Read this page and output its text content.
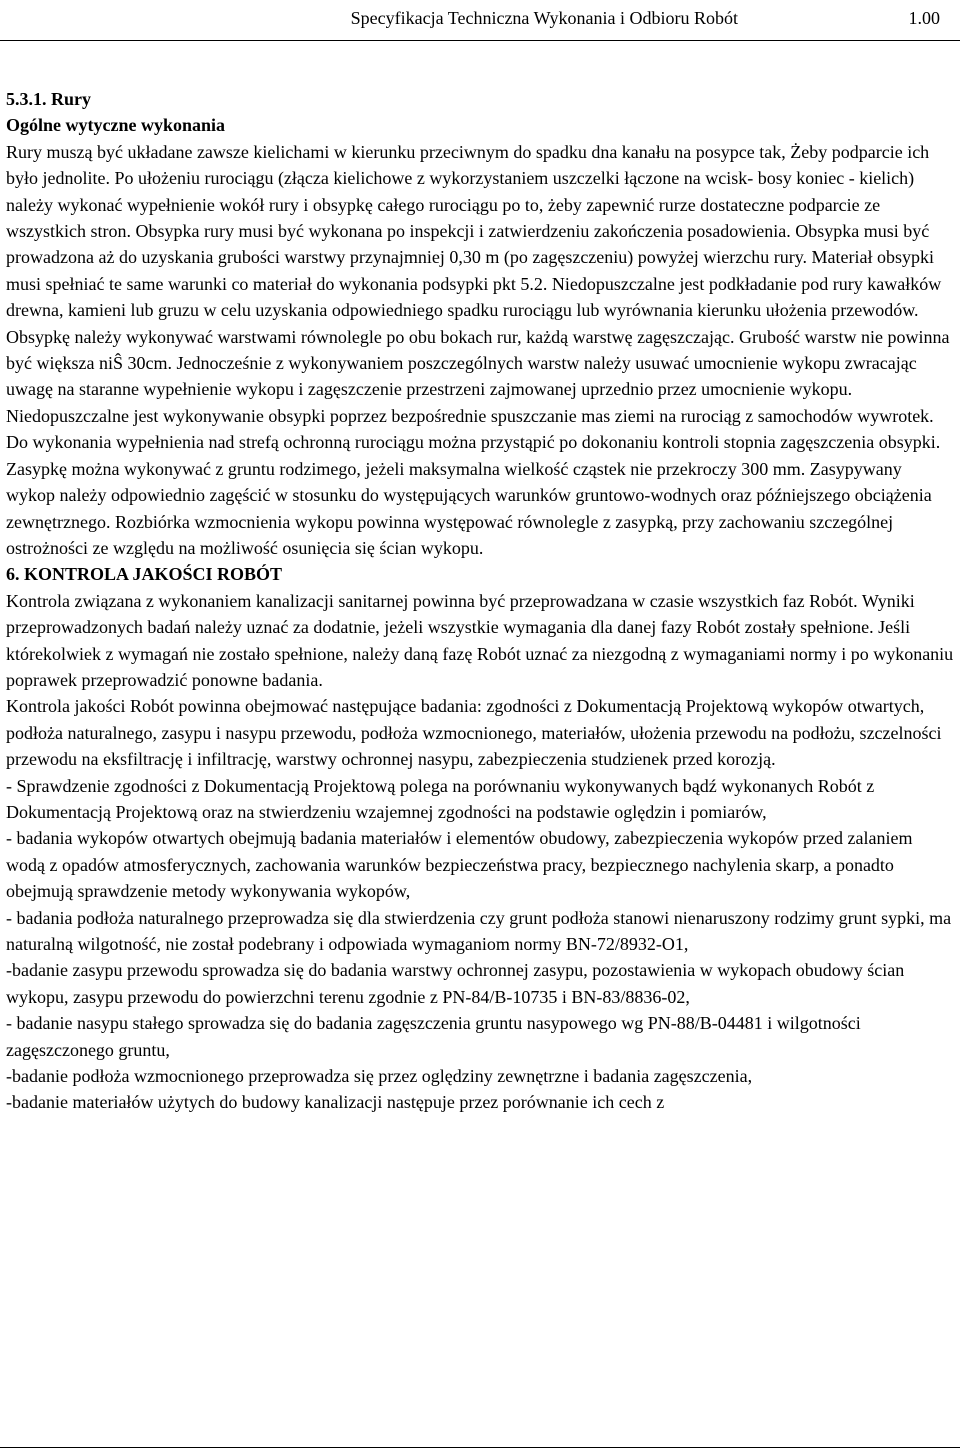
Specyfikacja Techniczna Wykonania i Odbioru Robót	1.00

5.3.1. Rury

Ogólne wytyczne wykonania

Rury muszą być układane zawsze kielichami w kierunku przeciwnym do spadku dna kanału na posypce tak, Żeby podparcie ich było jednolite. Po ułożeniu rurociągu (złącza kielichowe z wykorzystaniem uszczelki łączone na wcisk- bosy koniec - kielich) należy wykonać wypełnienie wokół rury i obsypkę całego rurociągu po to, żeby zapewnić rurze dostateczne podparcie ze wszystkich stron. Obsypka rury musi być wykonana po inspekcji i zatwierdzeniu zakończenia posadowienia. Obsypka musi być prowadzona aż do uzyskania grubości warstwy przynajmniej 0,30 m (po zagęszczeniu) powyżej wierzchu rury. Materiał obsypki musi spełniać te same warunki co materiał do wykonania podsypki pkt 5.2. Niedopuszczalne jest podkładanie pod rury kawałków drewna, kamieni lub gruzu w celu uzyskania odpowiedniego spadku rurociągu lub wyrównania kierunku ułożenia przewodów. Obsypkę należy wykonywać warstwami równolegle po obu bokach rur, każdą warstwę zagęszczając. Grubość warstw nie powinna być większa niŜ 30cm. Jednocześnie z wykonywaniem poszczególnych warstw należy usuwać umocnienie wykopu zwracając uwagę na staranne wypełnienie wykopu i zagęszczenie przestrzeni zajmowanej uprzednio przez umocnienie wykopu. Niedopuszczalne jest wykonywanie obsypki poprzez bezpośrednie spuszczanie mas ziemi na rurociąg z samochodów wywrotek. Do wykonania wypełnienia nad strefą ochronną rurociągu można przystąpić po dokonaniu kontroli stopnia zagęszczenia obsypki. Zasypkę można wykonywać z gruntu rodzimego, jeżeli maksymalna wielkość cząstek nie przekroczy 300 mm. Zasypywany wykop należy odpowiednio zagęścić w stosunku do występujących warunków gruntowo-wodnych oraz późniejszego obciążenia zewnętrznego. Rozbiórka wzmocnienia wykopu powinna występować równolegle z zasypką, przy zachowaniu szczególnej ostrożności ze względu na możliwość osunięcia się ścian wykopu.

6. KONTROLA JAKOŚCI ROBÓT

Kontrola związana z wykonaniem kanalizacji sanitarnej powinna być przeprowadzana w czasie wszystkich faz Robót. Wyniki przeprowadzonych badań należy uznać za dodatnie, jeżeli wszystkie wymagania dla danej fazy Robót zostały spełnione. Jeśli którekolwiek z wymagań nie zostało spełnione, należy daną fazę Robót uznać za niezgodną z wymaganiami normy i po wykonaniu poprawek przeprowadzić ponowne badania.

Kontrola jakości Robót powinna obejmować następujące badania: zgodności z Dokumentacją Projektową wykopów otwartych, podłoża naturalnego, zasypu i nasypu przewodu, podłoża wzmocnionego, materiałów, ułożenia przewodu na podłożu, szczelności przewodu na eksfiltrację i infiltrację, warstwy ochronnej nasypu, zabezpieczenia studzienek przed korozją.

- Sprawdzenie zgodności z Dokumentacją Projektową polega na porównaniu wykonywanych bądź wykonanych Robót z Dokumentacją Projektową oraz na stwierdzeniu wzajemnej zgodności na podstawie oględzin i pomiarów,

- badania wykopów otwartych obejmują badania materiałów i elementów obudowy, zabezpieczenia wykopów przed zalaniem wodą z opadów atmosferycznych, zachowania warunków bezpieczeństwa pracy, bezpiecznego nachylenia skarp, a ponadto obejmują sprawdzenie metody wykonywania wykopów,

- badania podłoża naturalnego przeprowadza się dla stwierdzenia czy grunt podłoża stanowi nienaruszony rodzimy grunt sypki, ma naturalną wilgotność, nie został podebrany i odpowiada wymaganiom normy BN-72/8932-O1,

-badanie zasypu przewodu sprowadza się do badania warstwy ochronnej zasypu, pozostawienia w wykopach obudowy ścian wykopu, zasypu przewodu do powierzchni terenu zgodnie z PN-84/B-10735 i BN-83/8836-02,

- badanie nasypu stałego sprowadza się do badania zagęszczenia gruntu nasypowego wg PN-88/B-04481 i wilgotności zagęszczonego gruntu,

-badanie podłoża wzmocnionego przeprowadza się przez oględziny zewnętrzne i badania zagęszczenia,

-badanie materiałów użytych do budowy kanalizacji następuje przez porównanie ich cech z
